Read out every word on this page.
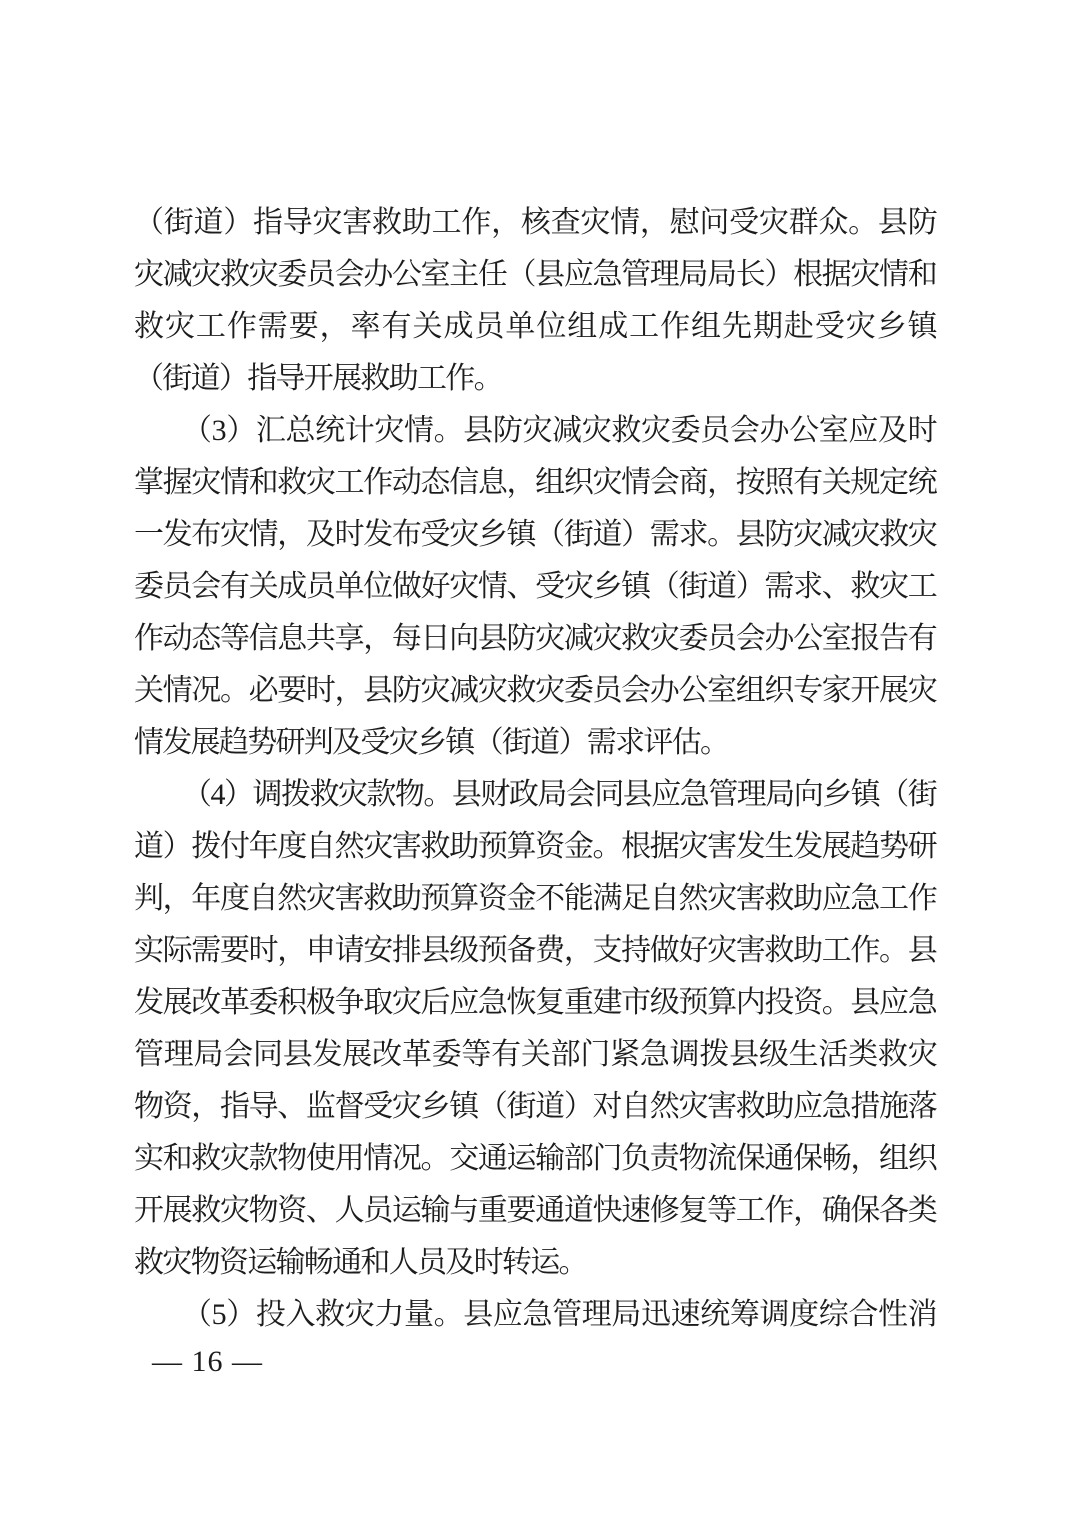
（街道）指导灾害救助工作，核查灾情，慰问受灾群众。县防
灾减灾救灾委员会办公室主任（县应急管理局局长）根据灾情和
救灾工作需要，率有关成员单位组成工作组先期赴受灾乡镇
（街道）指导开展救助工作。
（3）汇总统计灾情。县防灾减灾救灾委员会办公室应及时
掌握灾情和救灾工作动态信息，组织灾情会商，按照有关规定统
一发布灾情，及时发布受灾乡镇（街道）需求。县防灾减灾救灾
委员会有关成员单位做好灾情、受灾乡镇（街道）需求、救灾工
作动态等信息共享，每日向县防灾减灾救灾委员会办公室报告有
关情况。必要时，县防灾减灾救灾委员会办公室组织专家开展灾
情发展趋势研判及受灾乡镇（街道）需求评估。
（4）调拨救灾款物。县财政局会同县应急管理局向乡镇（街
道）拨付年度自然灾害救助预算资金。根据灾害发生发展趋势研
判，年度自然灾害救助预算资金不能满足自然灾害救助应急工作
实际需要时，申请安排县级预备费，支持做好灾害救助工作。县
发展改革委积极争取灾后应急恢复重建市级预算内投资。县应急
管理局会同县发展改革委等有关部门紧急调拨县级生活类救灾
物资，指导、监督受灾乡镇（街道）对自然灾害救助应急措施落
实和救灾款物使用情况。交通运输部门负责物流保通保畅，组织
开展救灾物资、人员运输与重要通道快速修复等工作，确保各类
救灾物资运输畅通和人员及时转运。
（5）投入救灾力量。县应急管理局迅速统筹调度综合性消
— 16 —
